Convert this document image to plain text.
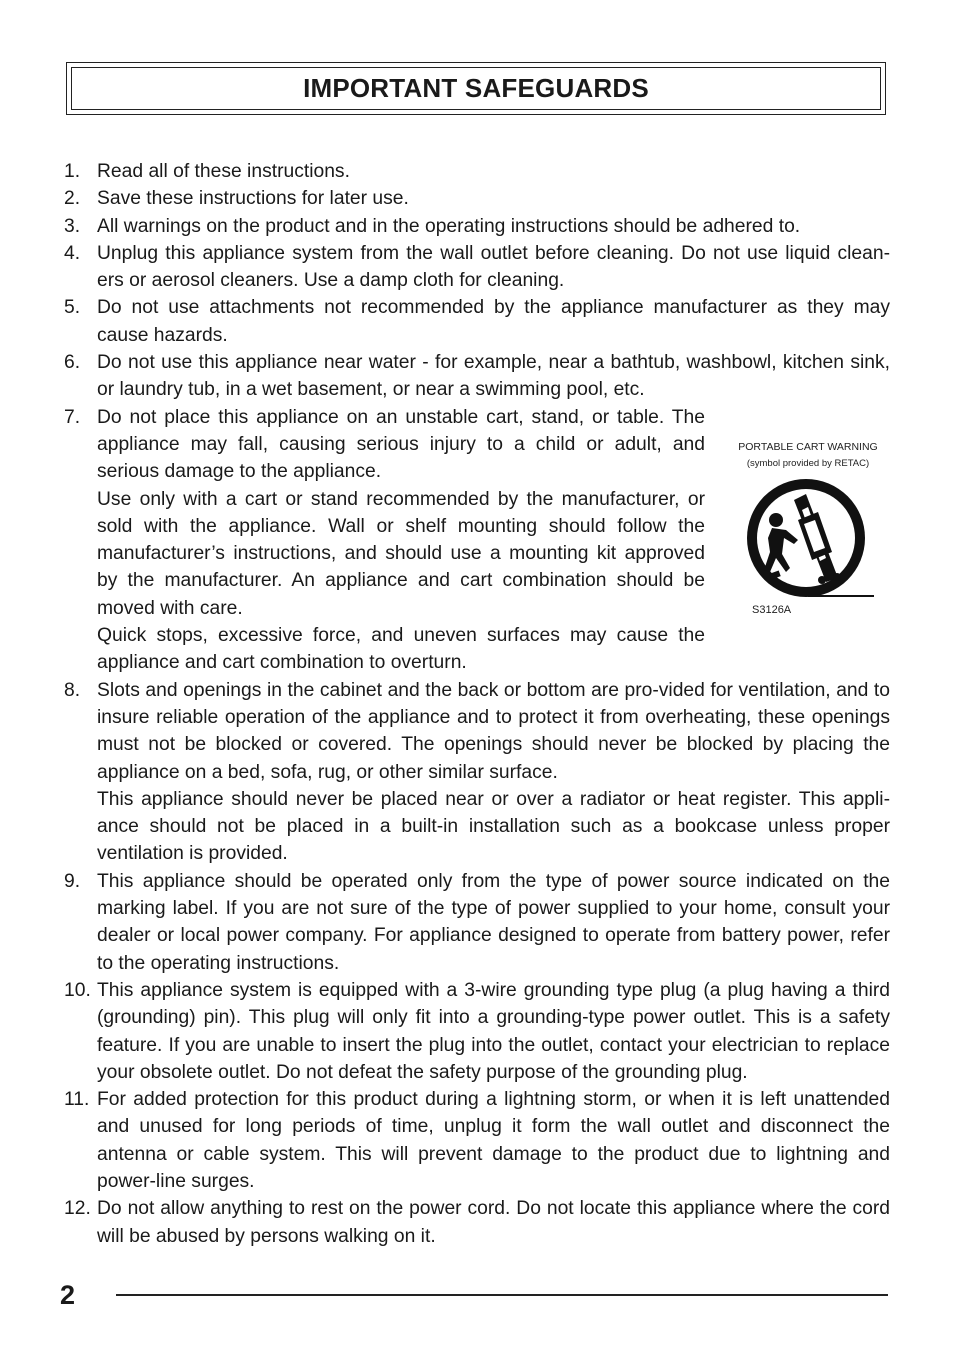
IMPORTANT SAFEGUARDS
1. Read all of these instructions.
2. Save these instructions for later use.
3. All warnings on the product and in the operating instructions should be adhered to.
4. Unplug this appliance system from the wall outlet before cleaning. Do not use liquid clean-ers or aerosol cleaners. Use a damp cloth for cleaning.
5. Do not use attachments not recommended by the appliance manufacturer as they may cause hazards.
6. Do not use this appliance near water - for example, near a bathtub, washbowl, kitchen sink, or laundry tub, in a wet basement, or near a swimming pool, etc.
7. Do not place this appliance on an unstable cart, stand, or table. The appliance may fall, causing serious injury to a child or adult, and serious damage to the appliance.
Use only with a cart or stand recommended by the manufacturer, or sold with the appliance. Wall or shelf mounting should follow the manufacturer’s instructions, and should use a mounting kit approved by the manufacturer. An appliance and cart combination should be moved with care.
Quick stops, excessive force, and uneven surfaces may cause the appliance and cart combination to overturn.
8. Slots and openings in the cabinet and the back or bottom are pro-vided for ventilation, and to insure reliable operation of the appliance and to protect it from overheating, these openings must not be blocked or covered. The openings should never be blocked by placing the appliance on a bed, sofa, rug, or other similar surface.
This appliance should never be placed near or over a radiator or heat register. This appli-ance should not be placed in a built-in installation such as a bookcase unless proper ventilation is provided.
9. This appliance should be operated only from the type of power source indicated on the marking label. If you are not sure of the type of power supplied to your home, consult your dealer or local power company. For appliance designed to operate from battery power, refer to the operating instructions.
10. This appliance system is equipped with a 3-wire grounding type plug (a plug having a third (grounding) pin). This plug will only fit into a grounding-type power outlet. This is a safety feature. If you are unable to insert the plug into the outlet, contact your electrician to replace your obsolete outlet. Do not defeat the safety purpose of the grounding plug.
11. For added protection for this product during a lightning storm, or when it is left unattended and unused for long periods of time, unplug it form the wall outlet and disconnect the antenna or cable system. This will prevent damage to the product due to lightning and power-line surges.
12. Do not allow anything to rest on the power cord. Do not locate this appliance where the cord will be abused by persons walking on it.
PORTABLE CART WARNING
(symbol provided by RETAC)
S3126A
2
